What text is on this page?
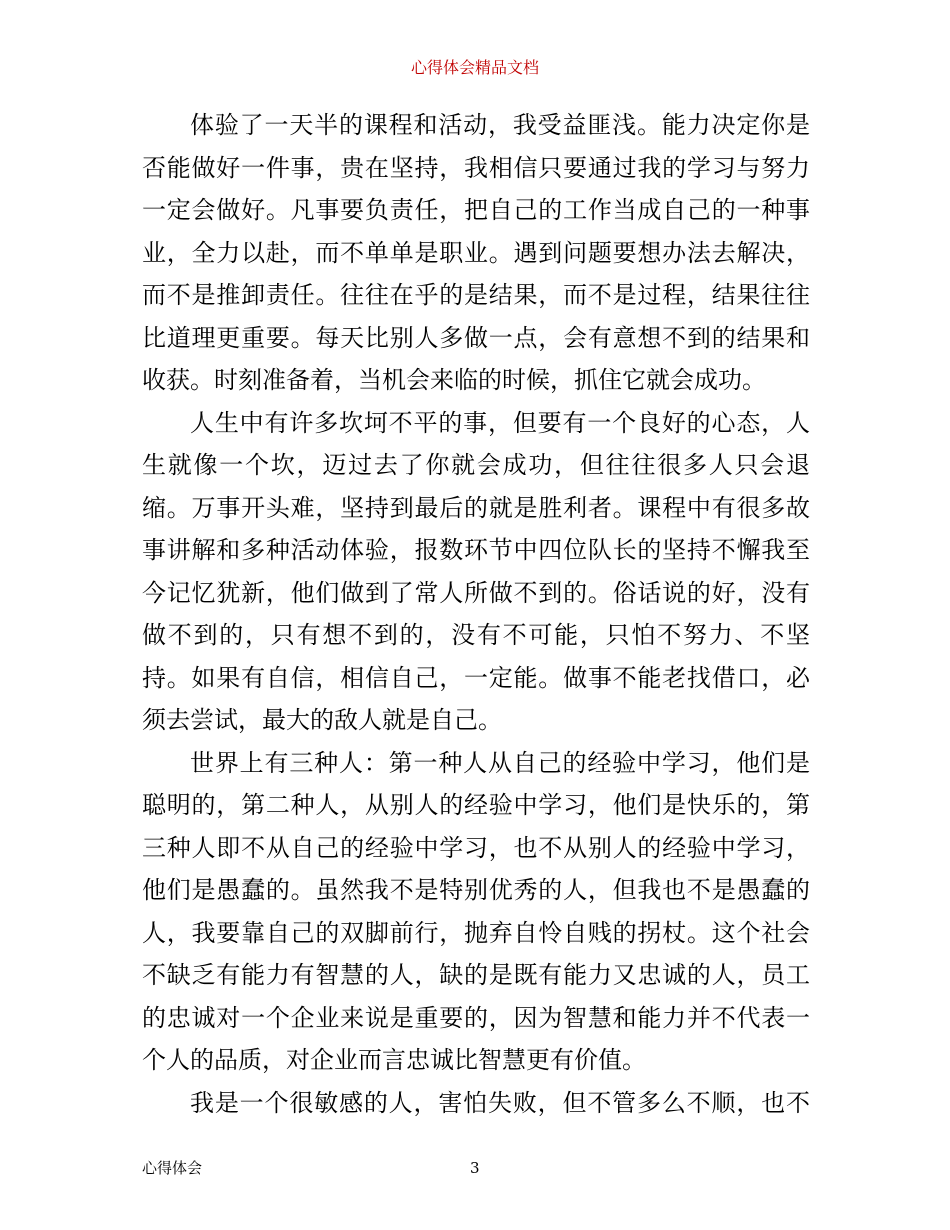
心得体会精品文档
体验了一天半的课程和活动，我受益匪浅。能力决定你是
否能做好一件事，贵在坚持，我相信只要通过我的学习与努力
一定会做好。凡事要负责任，把自己的工作当成自己的一种事
业，全力以赴，而不单单是职业。遇到问题要想办法去解决，
而不是推卸责任。往往在乎的是结果，而不是过程，结果往往
比道理更重要。每天比别人多做一点，会有意想不到的结果和
收获。时刻准备着，当机会来临的时候，抓住它就会成功。
人生中有许多坎坷不平的事，但要有一个良好的心态，人
生就像一个坎，迈过去了你就会成功，但往往很多人只会退
缩。万事开头难，坚持到最后的就是胜利者。课程中有很多故
事讲解和多种活动体验，报数环节中四位队长的坚持不懈我至
今记忆犹新，他们做到了常人所做不到的。俗话说的好，没有
做不到的，只有想不到的，没有不可能，只怕不努力、不坚
持。如果有自信，相信自己，一定能。做事不能老找借口，必
须去尝试，最大的敌人就是自己。
世界上有三种人：第一种人从自己的经验中学习，他们是
聪明的，第二种人，从别人的经验中学习，他们是快乐的，第
三种人即不从自己的经验中学习，也不从别人的经验中学习，
他们是愚蠢的。虽然我不是特别优秀的人，但我也不是愚蠢的
人，我要靠自己的双脚前行，抛弃自怜自贱的拐杖。这个社会
不缺乏有能力有智慧的人，缺的是既有能力又忠诚的人，员工
的忠诚对一个企业来说是重要的，因为智慧和能力并不代表一
个人的品质，对企业而言忠诚比智慧更有价值。
我是一个很敏感的人，害怕失败，但不管多么不顺，也不
心得体会	3
